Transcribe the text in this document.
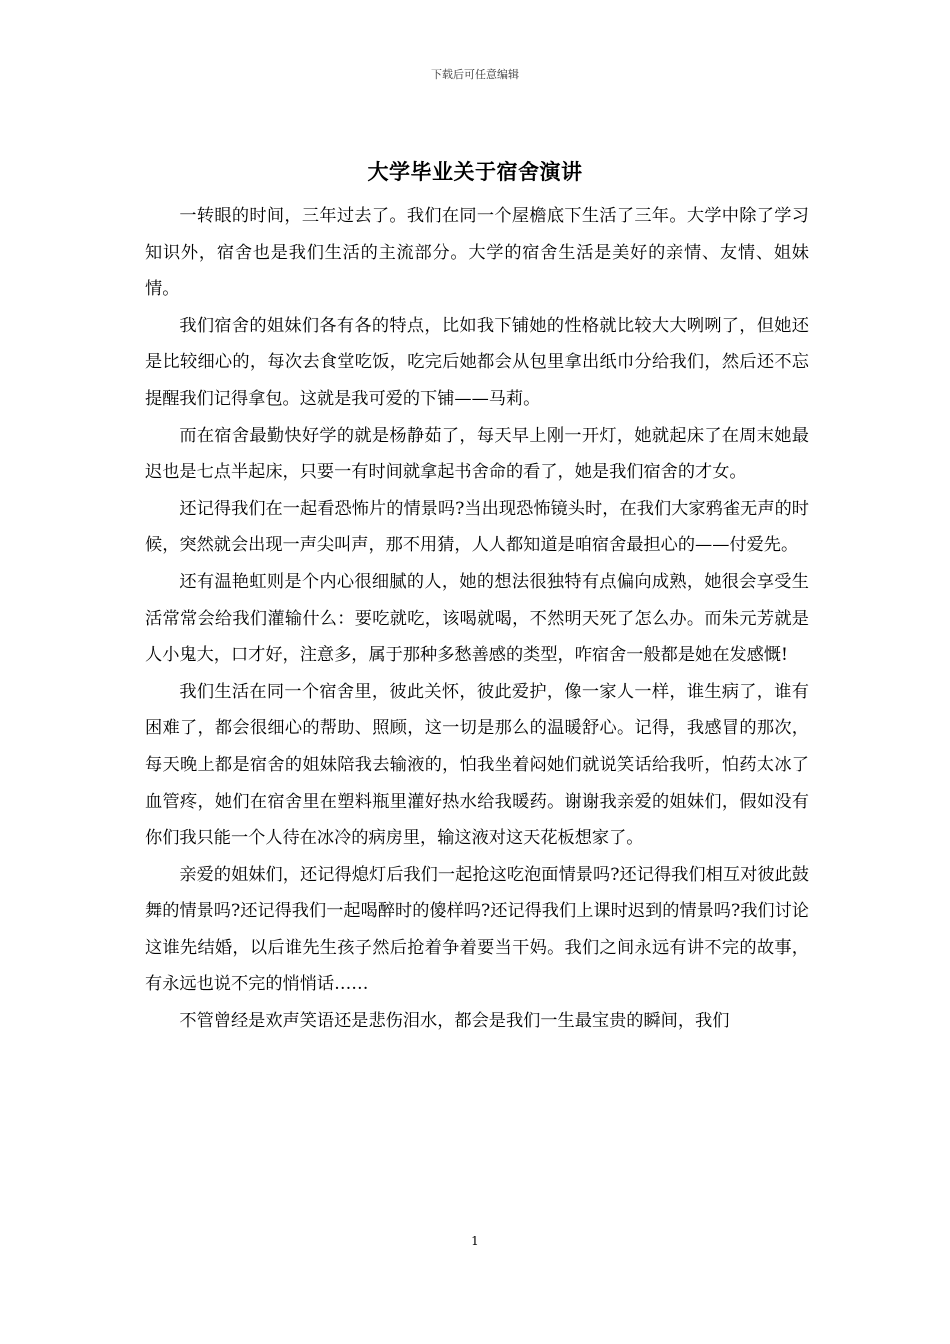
下载后可任意编辑
大学毕业关于宿舍演讲

一转眼的时间，三年过去了。我们在同一个屋檐底下生活了三年。大学中除了学习知识外，宿舍也是我们生活的主流部分。大学的宿舍生活是美好的亲情、友情、姐妹情。

我们宿舍的姐妹们各有各的特点，比如我下铺她的性格就比较大大咧咧了，但她还是比较细心的，每次去食堂吃饭，吃完后她都会从包里拿出纸巾分给我们，然后还不忘提醒我们记得拿包。这就是我可爱的下铺——马莉。

而在宿舍最勤快好学的就是杨静茹了，每天早上刚一开灯，她就起床了在周末她最迟也是七点半起床，只要一有时间就拿起书舍命的看了，她是我们宿舍的才女。

还记得我们在一起看恐怖片的情景吗?当出现恐怖镜头时，在我们大家鸦雀无声的时候，突然就会出现一声尖叫声，那不用猜，人人都知道是咱宿舍最担心的——付爱先。

还有温艳虹则是个内心很细腻的人，她的想法很独特有点偏向成熟，她很会享受生活常常会给我们灌输什么：要吃就吃，该喝就喝，不然明天死了怎么办。而朱元芳就是人小鬼大，口才好，注意多，属于那种多愁善感的类型，咋宿舍一般都是她在发感慨!

我们生活在同一个宿舍里，彼此关怀，彼此爱护，像一家人一样，谁生病了，谁有困难了，都会很细心的帮助、照顾，这一切是那么的温暖舒心。记得，我感冒的那次，每天晚上都是宿舍的姐妹陪我去输液的，怕我坐着闷她们就说笑话给我听，怕药太冰了血管疼，她们在宿舍里在塑料瓶里灌好热水给我暖药。谢谢我亲爱的姐妹们，假如没有你们我只能一个人待在冰冷的病房里，输这液对这天花板想家了。

亲爱的姐妹们，还记得熄灯后我们一起抢这吃泡面情景吗?还记得我们相互对彼此鼓舞的情景吗?还记得我们一起喝醉时的傻样吗?还记得我们上课时迟到的情景吗?我们讨论这谁先结婚，以后谁先生孩子然后抢着争着要当干妈。我们之间永远有讲不完的故事，有永远也说不完的悄悄话……

不管曾经是欢声笑语还是悲伤泪水，都会是我们一生最宝贵的瞬间，我们

1
